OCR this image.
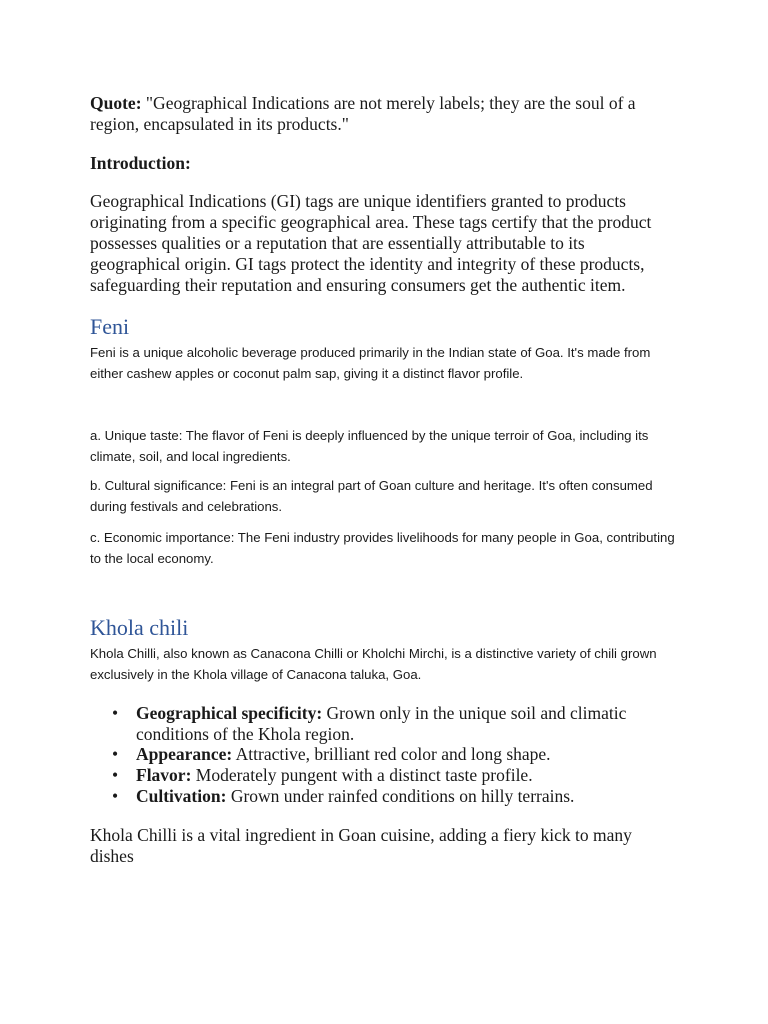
Quote: "Geographical Indications are not merely labels; they are the soul of a region, encapsulated in its products."

Introduction:

Geographical Indications (GI) tags are unique identifiers granted to products originating from a specific geographical area. These tags certify that the product possesses qualities or a reputation that are essentially attributable to its geographical origin. GI tags protect the identity and integrity of these products, safeguarding their reputation and ensuring consumers get the authentic item.

Feni

Feni is a unique alcoholic beverage produced primarily in the Indian state of Goa. It's made from either cashew apples or coconut palm sap, giving it a distinct flavor profile.

a. Unique taste: The flavor of Feni is deeply influenced by the unique terroir of Goa, including its climate, soil, and local ingredients.

b. Cultural significance: Feni is an integral part of Goan culture and heritage. It's often consumed during festivals and celebrations.

c. Economic importance: The Feni industry provides livelihoods for many people in Goa, contributing to the local economy.

Khola chili

Khola Chilli, also known as Canacona Chilli or Kholchi Mirchi, is a distinctive variety of chili grown exclusively in the Khola village of Canacona taluka, Goa.

• Geographical specificity: Grown only in the unique soil and climatic conditions of the Khola region.
• Appearance: Attractive, brilliant red color and long shape.
• Flavor: Moderately pungent with a distinct taste profile.
• Cultivation: Grown under rainfed conditions on hilly terrains.

Khola Chilli is a vital ingredient in Goan cuisine, adding a fiery kick to many dishes
